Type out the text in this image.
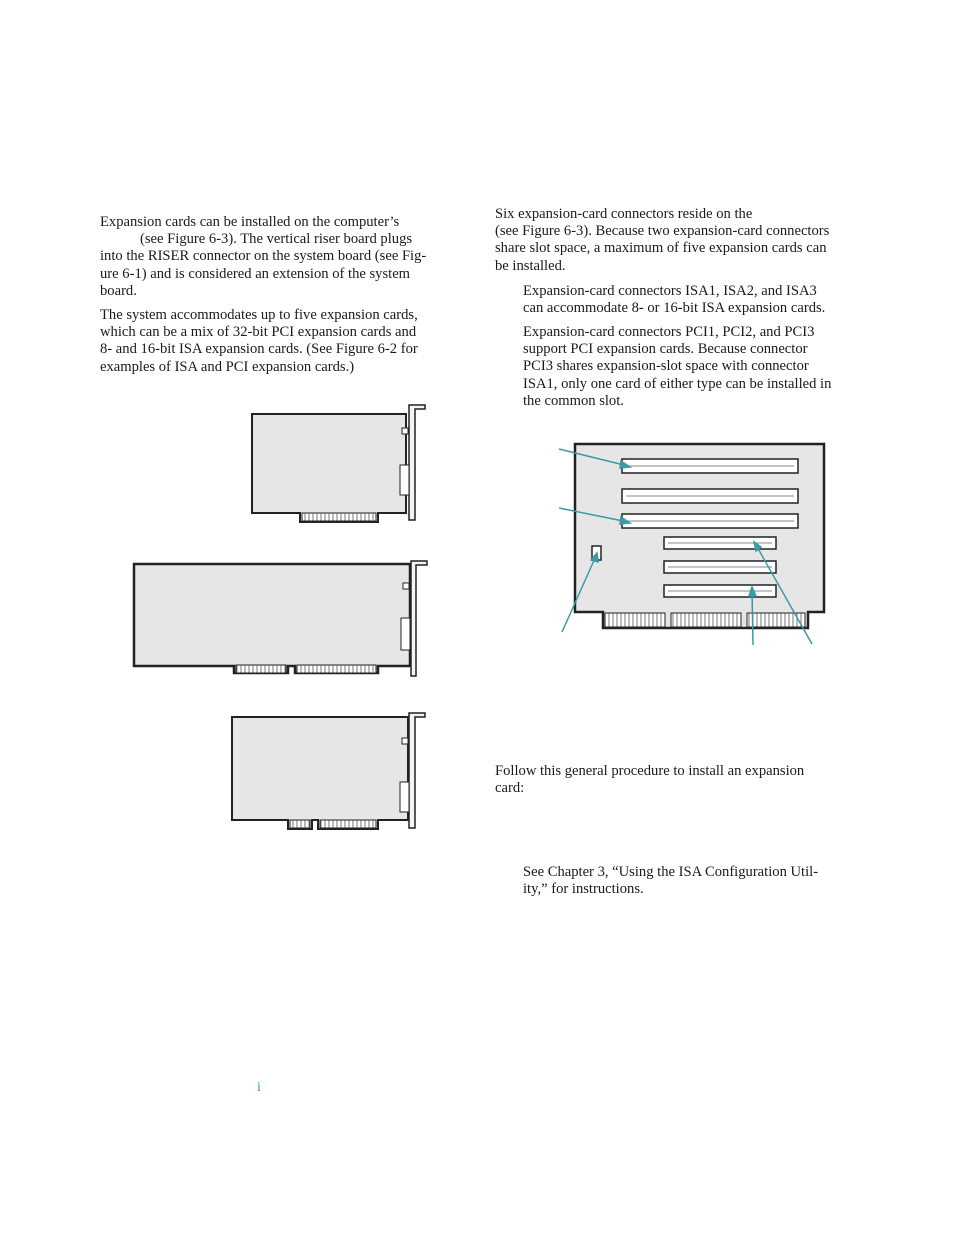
Expansion cards can be installed on the computer’s
(see Figure 6-3). The vertical riser board plugs
into the RISER connector on the system board (see Fig-
ure 6-1) and is considered an extension of the system
board.
The system accommodates up to five expansion cards,
which can be a mix of 32-bit PCI expansion cards and
8- and 16-bit ISA expansion cards. (See Figure 6-2 for
examples of ISA and PCI expansion cards.)
Six expansion-card connectors reside on the
(see Figure 6-3). Because two expansion-card connectors
share slot space, a maximum of five expansion cards can
be installed.
Expansion-card connectors ISA1, ISA2, and ISA3
can accommodate 8- or 16-bit ISA expansion cards.
Expansion-card connectors PCI1, PCI2, and PCI3
support PCI expansion cards. Because connector
PCI3 shares expansion-slot space with connector
ISA1, only one card of either type can be installed in
the common slot.
Follow this general procedure to install an expansion
card:
See Chapter 3, “Using the ISA Configuration Util-
ity,” for instructions.
i
